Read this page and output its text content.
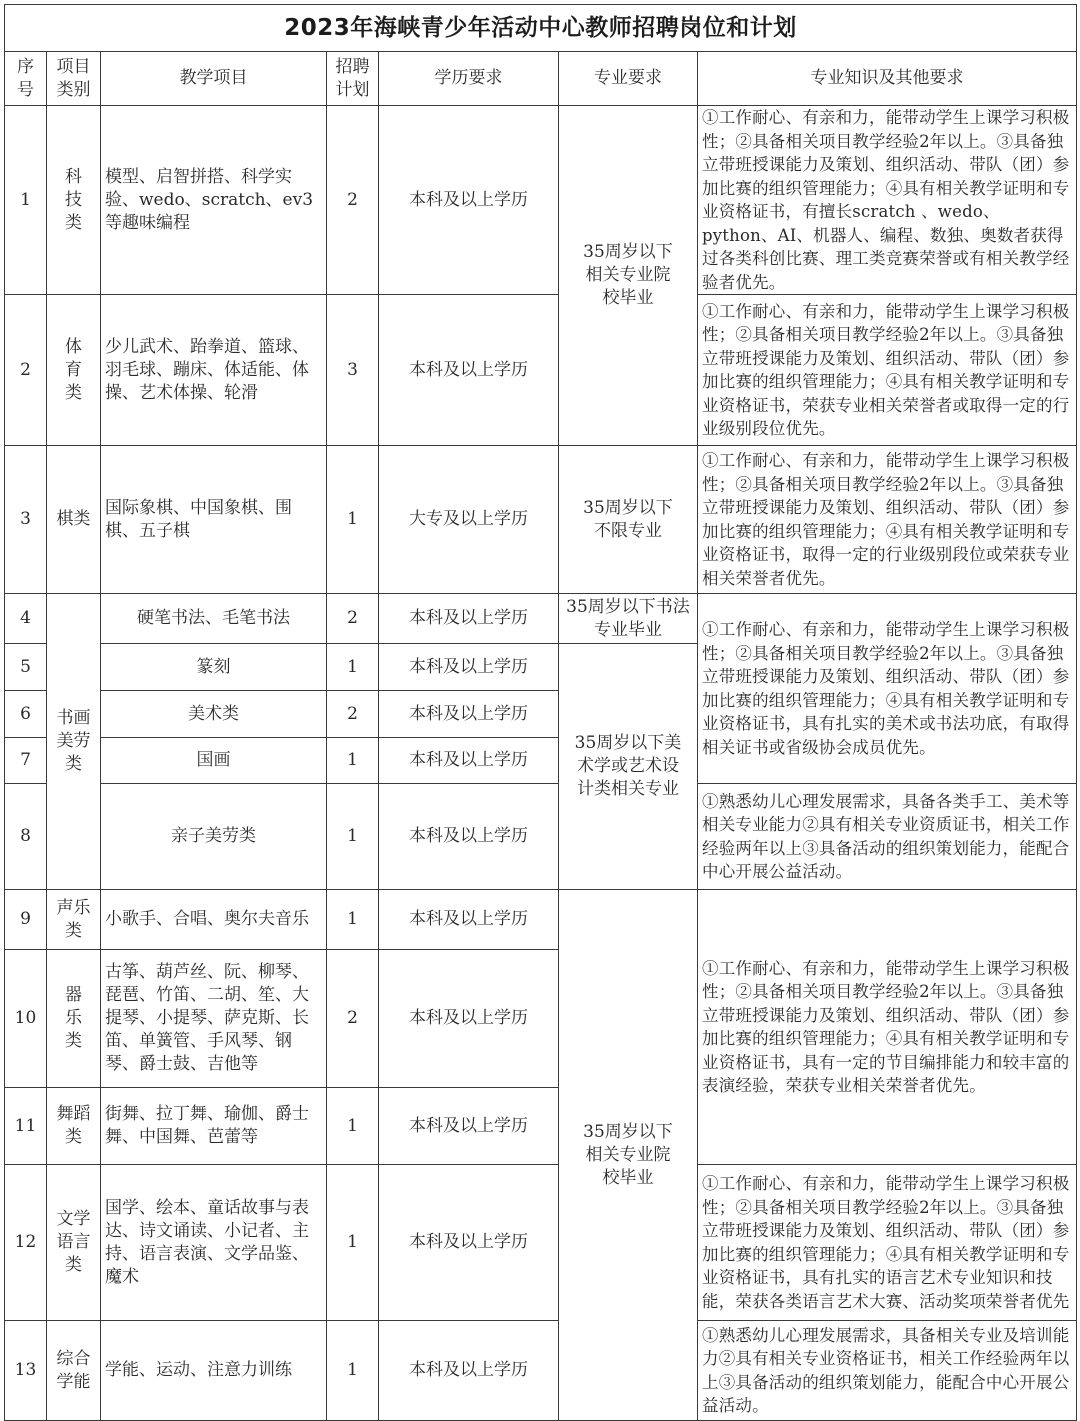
2023年海峡青少年活动中心教师招聘岗位和计划						
序号	项目类别	教学项目	招聘计划	学历要求	专业要求	专业知识及其他要求
1	科技类	模型、启智拼搭、科学实验、wedo、scratch、ev3等趣味编程	2	本科及以上学历	35周岁以下相关专业院校毕业	①工作耐心、有亲和力，能带动学生上课学习积极性；②具备相关项目教学经验2年以上。③具备独立带班授课能力及策划、组织活动、带队（团）参加比赛的组织管理能力；④具有相关教学证明和专业资格证书，有擅长scratch 、wedo、python、AI、机器人、编程、数独、奥数者获得过各类科创比赛、理工类竞赛荣誉或有相关教学经验者优先。
2	体育类	少儿武术、跆拳道、篮球、羽毛球、蹦床、体适能、体操、艺术体操、轮滑	3	本科及以上学历		①工作耐心、有亲和力，能带动学生上课学习积极性；②具备相关项目教学经验2年以上。③具备独立带班授课能力及策划、组织活动、带队（团）参加比赛的组织管理能力；④具有相关教学证明和专业资格证书，荣获专业相关荣誉者或取得一定的行业级别段位优先。
3	棋类	国际象棋、中国象棋、围棋、五子棋	1	大专及以上学历	35周岁以下不限专业	①工作耐心、有亲和力，能带动学生上课学习积极性；②具备相关项目教学经验2年以上。③具备独立带班授课能力及策划、组织活动、带队（团）参加比赛的组织管理能力；④具有相关教学证明和专业资格证书，取得一定的行业级别段位或荣获专业相关荣誉者优先。
4	书画美劳类	硬笔书法、毛笔书法	2	本科及以上学历	35周岁以下书法专业毕业	①工作耐心、有亲和力，能带动学生上课学习积极性；②具备相关项目教学经验2年以上。③具备独立带班授课能力及策划、组织活动、带队（团）参加比赛的组织管理能力；④具有相关教学证明和专业资格证书，具有扎实的美术或书法功底，有取得相关证书或省级协会成员优先。
5		篆刻	1	本科及以上学历	35周岁以下美术学或艺术设计类相关专业	
6		美术类	2	本科及以上学历		
7		国画	1	本科及以上学历		
8		亲子美劳类	1	本科及以上学历		①熟悉幼儿心理发展需求，具备各类手工、美术等相关专业能力②具有相关专业资质证书，相关工作经验两年以上③具备活动的组织策划能力，能配合中心开展公益活动。
9	声乐类	小歌手、合唱、奥尔夫音乐	1	本科及以上学历	35周岁以下相关专业院校毕业	①工作耐心、有亲和力，能带动学生上课学习积极性；②具备相关项目教学经验2年以上。③具备独立带班授课能力及策划、组织活动、带队（团）参加比赛的组织管理能力；④具有相关教学证明和专业资格证书，具有一定的节目编排能力和较丰富的表演经验，荣获专业相关荣誉者优先。
10	器乐类	古筝、葫芦丝、阮、柳琴、琵琶、竹笛、二胡、笙、大提琴、小提琴、萨克斯、长笛、单簧管、手风琴、钢琴、爵士鼓、吉他等	2	本科及以上学历		
11	舞蹈类	街舞、拉丁舞、瑜伽、爵士舞、中国舞、芭蕾等	1	本科及以上学历		
12	文学语言类	国学、绘本、童话故事与表达、诗文诵读、小记者、主持、语言表演、文学品鉴、魔术	1	本科及以上学历		①工作耐心、有亲和力，能带动学生上课学习积极性；②具备相关项目教学经验2年以上。③具备独立带班授课能力及策划、组织活动、带队（团）参加比赛的组织管理能力；④具有相关教学证明和专业资格证书，具有扎实的语言艺术专业知识和技能，荣获各类语言艺术大赛、活动奖项荣誉者优先
13	综合学能	学能、运动、注意力训练	1	本科及以上学历		①熟悉幼儿心理发展需求，具备相关专业及培训能力②具有相关专业资格证书，相关工作经验两年以上③具备活动的组织策划能力，能配合中心开展公益活动。
